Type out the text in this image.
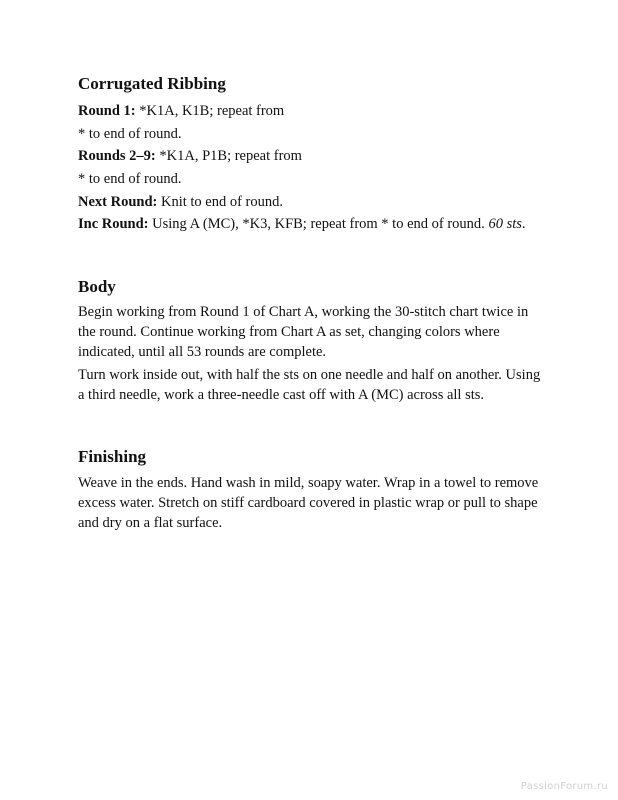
Corrugated Ribbing

Round 1: *K1A, K1B; repeat from

* to end of round.

Rounds 2–9: *K1A, P1B; repeat from

* to end of round.

Next Round: Knit to end of round.

Inc Round: Using A (MC), *K3, KFB; repeat from * to end of round. 60 sts.

Body

Begin working from Round 1 of Chart A, working the 30-stitch chart twice in the round. Continue working from Chart A as set, changing colors where indicated, until all 53 rounds are complete.

Turn work inside out, with half the sts on one needle and half on another. Using a third needle, work a three-needle cast off with A (MC) across all sts.

Finishing

Weave in the ends. Hand wash in mild, soapy water. Wrap in a towel to remove excess water. Stretch on stiff cardboard covered in plastic wrap or pull to shape and dry on a flat surface.

PassionForum.ru
